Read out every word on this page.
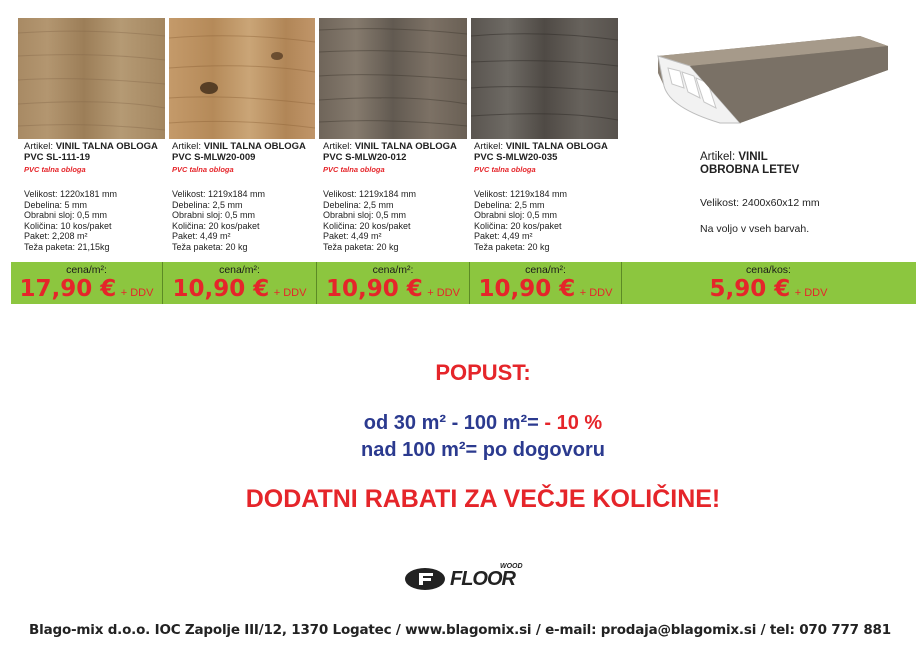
Artikel: VINIL TALNA OBLOGA
PVC SL-111-19
PVC talna obloga
Velikost: 1220x181 mm
Debelina: 5 mm
Obrabni sloj: 0,5 mm
Količina: 10 kos/paket
Paket: 2,208 m²
Teža paketa: 21,15kg
Artikel: VINIL TALNA OBLOGA
PVC S-MLW20-009
PVC talna obloga
Velikost: 1219x184 mm
Debelina: 2,5 mm
Obrabni sloj: 0,5 mm
Količina: 20 kos/paket
Paket: 4,49 m²
Teža paketa: 20 kg
Artikel: VINIL TALNA OBLOGA
PVC S-MLW20-012
PVC talna obloga
Velikost: 1219x184 mm
Debelina: 2,5 mm
Obrabni sloj: 0,5 mm
Količina: 20 kos/paket
Paket: 4,49 m²
Teža paketa: 20 kg
Artikel: VINIL TALNA OBLOGA
PVC S-MLW20-035
PVC talna obloga
Velikost: 1219x184 mm
Debelina: 2,5 mm
Obrabni sloj: 0,5 mm
Količina: 20 kos/paket
Paket: 4,49 m²
Teža paketa: 20 kg
Artikel: VINIL
OBROBNA LETEV
Velikost: 2400x60x12 mm
Na voljo v vseh barvah.
cena/m²:
17,90 € + DDV
cena/m²:
10,90 € + DDV
cena/m²:
10,90 € + DDV
cena/m²:
10,90 € + DDV
cena/kos:
5,90 € + DDV
POPUST:
od 30 m² - 100 m²= - 10 %
nad 100 m²= po dogovoru
DODATNI RABATI ZA VEČJE KOLIČINE!
FLOOR
WOOD
Blago-mix d.o.o. IOC Zapolje III/12, 1370 Logatec / www.blagomix.si / e-mail: prodaja@blagomix.si / tel: 070 777 881
